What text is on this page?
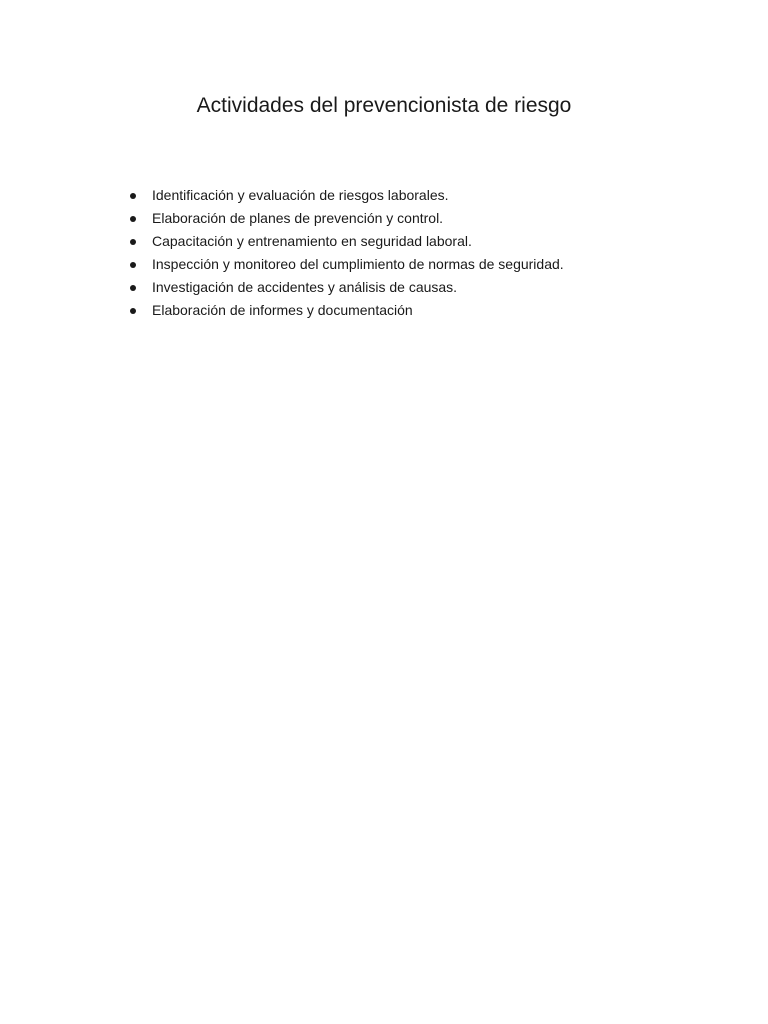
Actividades del prevencionista de riesgo
Identificación y evaluación de riesgos laborales.
Elaboración de planes de prevención y control.
Capacitación y entrenamiento en seguridad laboral.
Inspección y monitoreo del cumplimiento de normas de seguridad.
Investigación de accidentes y análisis de causas.
Elaboración de informes y documentación
